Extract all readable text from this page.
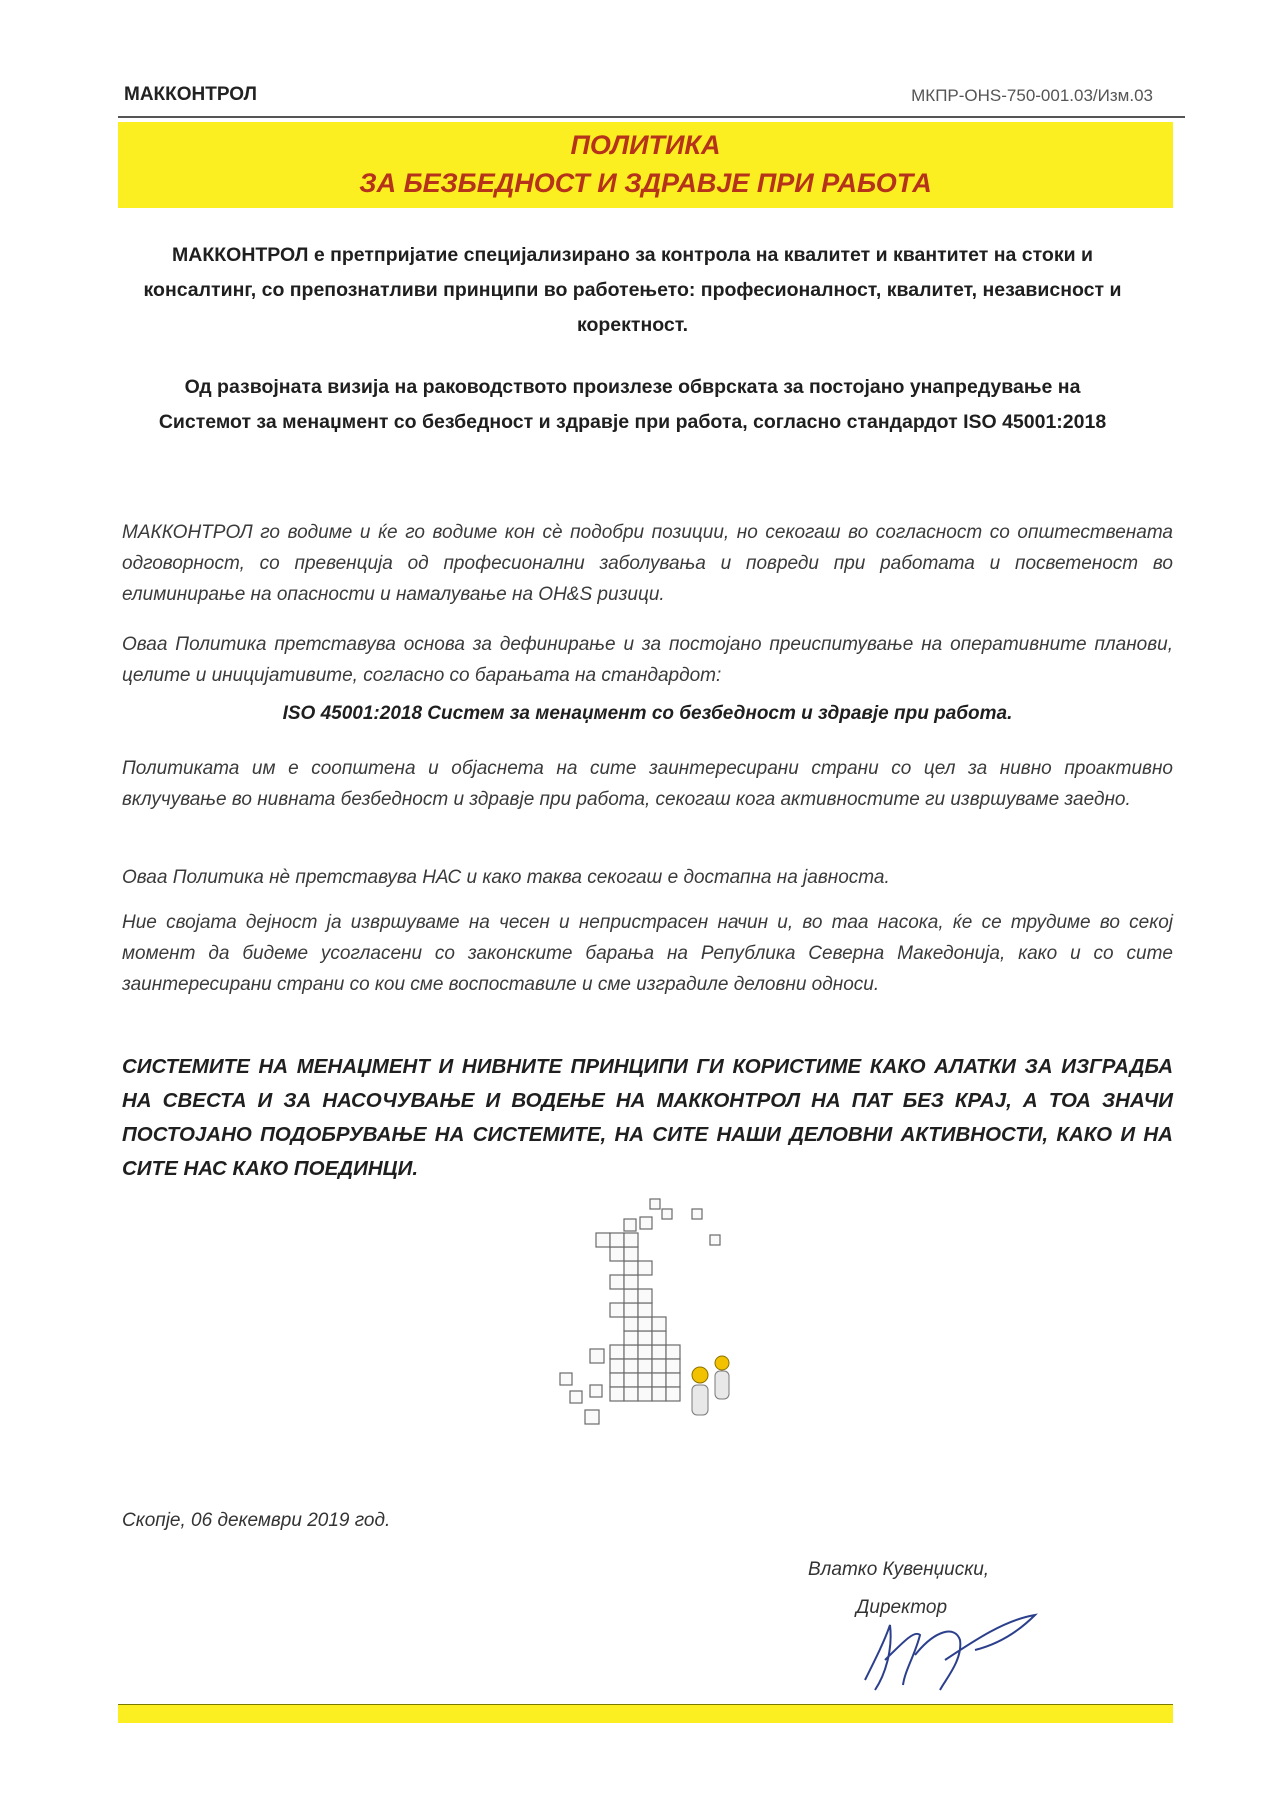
МАККОНТРОЛ	МКПР-OHS-750-001.03/Изм.03
ПОЛИТИКА
ЗА БЕЗБЕДНОСТ И ЗДРАВЈЕ ПРИ РАБОТА
МАККОНТРОЛ е претпријатие специјализирано за контрола на квалитет и квантитет на стоки и консалтинг, со препознатливи принципи во работењето: професионалност, квалитет, независност и коректност.
Од развојната визија на раководството произлезе обврската за постојано унапредување на Системот за менаџмент со безбедност и здравје при работа, согласно стандардот ISO 45001:2018
МАККОНТРОЛ го водиме и ќе го водиме кон сѐ подобри позиции, но секогаш во согласност со општествената одговорност, со превенција од професионални заболувања и повреди при работата и посветеност во елиминирање на опасности и намалување на OH&S ризици.
Оваа Политика претставува основа за дефинирање и за постојано преиспитување на оперативните планови, целите и иницијативите, согласно со барањата на стандардот:
ISO 45001:2018 Систем за менаџмент со безбедност и здравје при работа.
Политиката им е соопштена и објаснета на сите заинтересирани страни со цел за нивно проактивно вклучување во нивната безбедност и здравје при работа, секогаш кога активностите ги извршуваме заедно.
Оваа Политика нѐ претставува НАС и како таква секогаш е достапна на јавноста.
Ние својата дејност ја извршуваме на чесен и непристрасен начин и, во таа насока, ќе се трудиме во секој момент да бидеме усогласени со законските барања на Република Северна Македонија, како и со сите заинтересирани страни со кои сме воспоставиле и сме изградиле деловни односи.
СИСТЕМИТЕ НА МЕНАЏМЕНТ И НИВНИТЕ ПРИНЦИПИ ГИ КОРИСТИМЕ КАКО АЛАТКИ ЗА ИЗГРАДБА НА СВЕСТА И ЗА НАСОЧУВАЊЕ И ВОДЕЊЕ НА МАККОНТРОЛ НА ПАТ БЕЗ КРАЈ, А ТОА ЗНАЧИ ПОСТОЈАНО ПОДОБРУВАЊЕ НА СИСТЕМИТЕ, НА СИТЕ НАШИ ДЕЛОВНИ АКТИВНОСТИ, КАКО И НА СИТЕ НАС КАКО ПОЕДИНЦИ.
Скопје, 06 декември 2019 год.
Влатко Кувенџиски,
Директор
